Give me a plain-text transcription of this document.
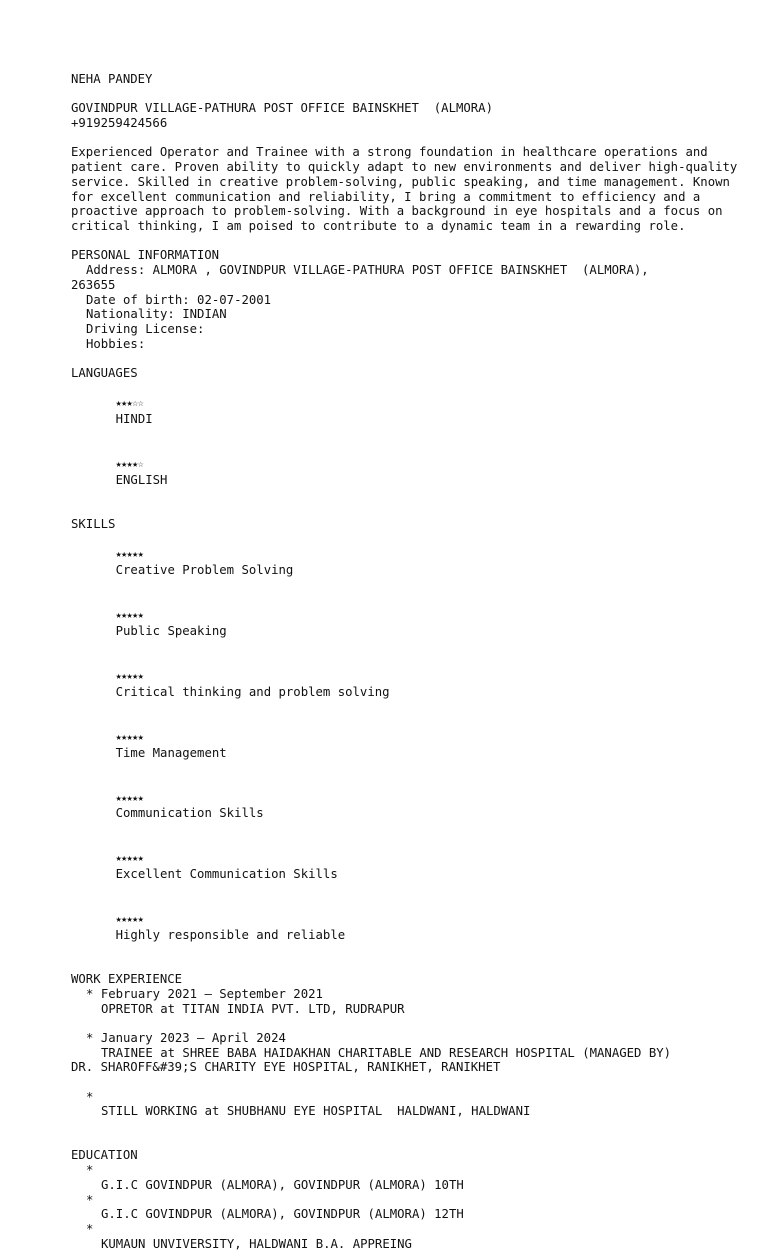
NEHA PANDEY
GOVINDPUR VILLAGE-PATHURA POST OFFICE BAINSKHET  (ALMORA)
+919259424566
Experienced Operator and Trainee with a strong foundation in healthcare operations and patient care. Proven ability to quickly adapt to new environments and deliver high-quality service. Skilled in creative problem-solving, public speaking, and time management. Known for excellent communication and reliability, I bring a commitment to efficiency and a proactive approach to problem-solving. With a background in eye hospitals and a focus on critical thinking, I am poised to contribute to a dynamic team in a rewarding role.
PERSONAL INFORMATION
Address: ALMORA , GOVINDPUR VILLAGE-PATHURA POST OFFICE BAINSKHET  (ALMORA),
263655
Date of birth: 02-07-2001
Nationality: INDIAN
Driving License:
Hobbies:
LANGUAGES

★★★☆☆
HINDI

★★★★☆
ENGLISH

SKILLS

★★★★★
Creative Problem Solving

★★★★★
Public Speaking

★★★★★
Critical thinking and problem solving

★★★★★
Time Management

★★★★★
Communication Skills

★★★★★
Excellent Communication Skills

★★★★★
Highly responsible and reliable

WORK EXPERIENCE
* February 2021 – September 2021
OPRETOR at TITAN INDIA PVT. LTD, RUDRAPUR
* January 2023 – April 2024
TRAINEE at SHREE BABA HAIDAKHAN CHARITABLE AND RESEARCH HOSPITAL (MANAGED BY)
DR. SHAROFF&#39;S CHARITY EYE HOSPITAL, RANIKHET, RANIKHET
*
STILL WORKING at SHUBHANU EYE HOSPITAL  HALDWANI, HALDWANI
EDUCATION
*
G.I.C GOVINDPUR (ALMORA), GOVINDPUR (ALMORA) 10TH
*
G.I.C GOVINDPUR (ALMORA), GOVINDPUR (ALMORA) 12TH
*
KUMAUN UNVIVERSITY, HALDWANI B.A. APPREING
